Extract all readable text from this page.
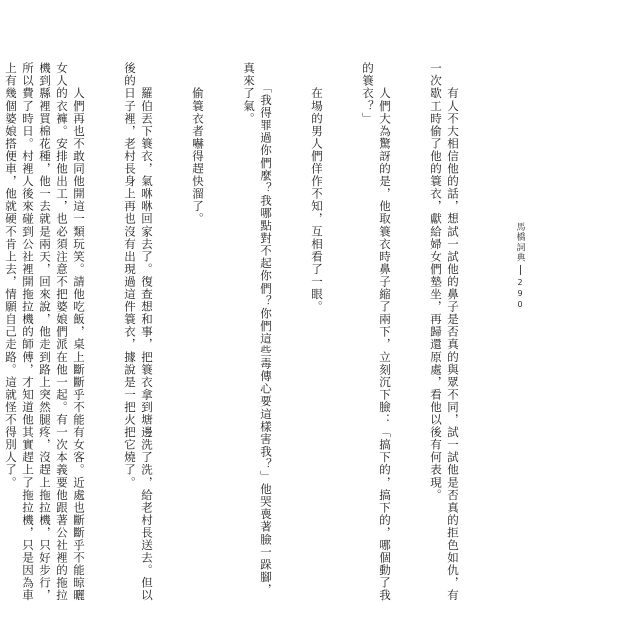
馬橋詞典
290

　　有人不大相信他的話，想試一試他的鼻子是否真的與眾不同，試一試他是否真的拒色如仇，有一次歇工時偷了他的簑衣，獻給婦女們墊坐，再歸還原處，看他以後有何表現。

　　人們大為驚訝的是，他取簑衣時鼻子縮了兩下，立刻沉下臉：「搞下的，搞下的，哪個動了我的簑衣？」

　　在場的男人們佯作不知，互相看了一眼。

　　「我得罪過你們麼？我哪點對不起你們？你們這些毒傳心要這樣害我？」他哭喪著臉一跺腳，真來了氣。

　　偷簑衣者嚇得趕快溜了。

　　羅伯丟下簑衣，氣咻咻回家去了。復查想和事，把簑衣拿到塘邊洗了洗，給老村長送去。但以後的日子裡，老村長身上再也沒有出現過這件簑衣，據說是一把火把它燒了。

　　人們再也不敢同他開這一類玩笑。請他吃飯，桌上斷斷乎不能有女客。近處也斷斷乎不能晾曬女人的衣褲。安排他出工，也必須注意不把婆娘們派在他一起。有一次本義要他跟著公社裡的拖拉機到縣裡買棉花種，他一去就是兩天，回來說，他走到路上突然腿疼，沒趕上拖拉機，只好步行，所以費了時日。村裡人後來碰到公社裡開拖拉機的師傅，才知道他其實趕上了拖拉機，只是因為車上有幾個婆娘搭便車，他就硬不肯上去，情願自己走路。這就怪不得別人了。
